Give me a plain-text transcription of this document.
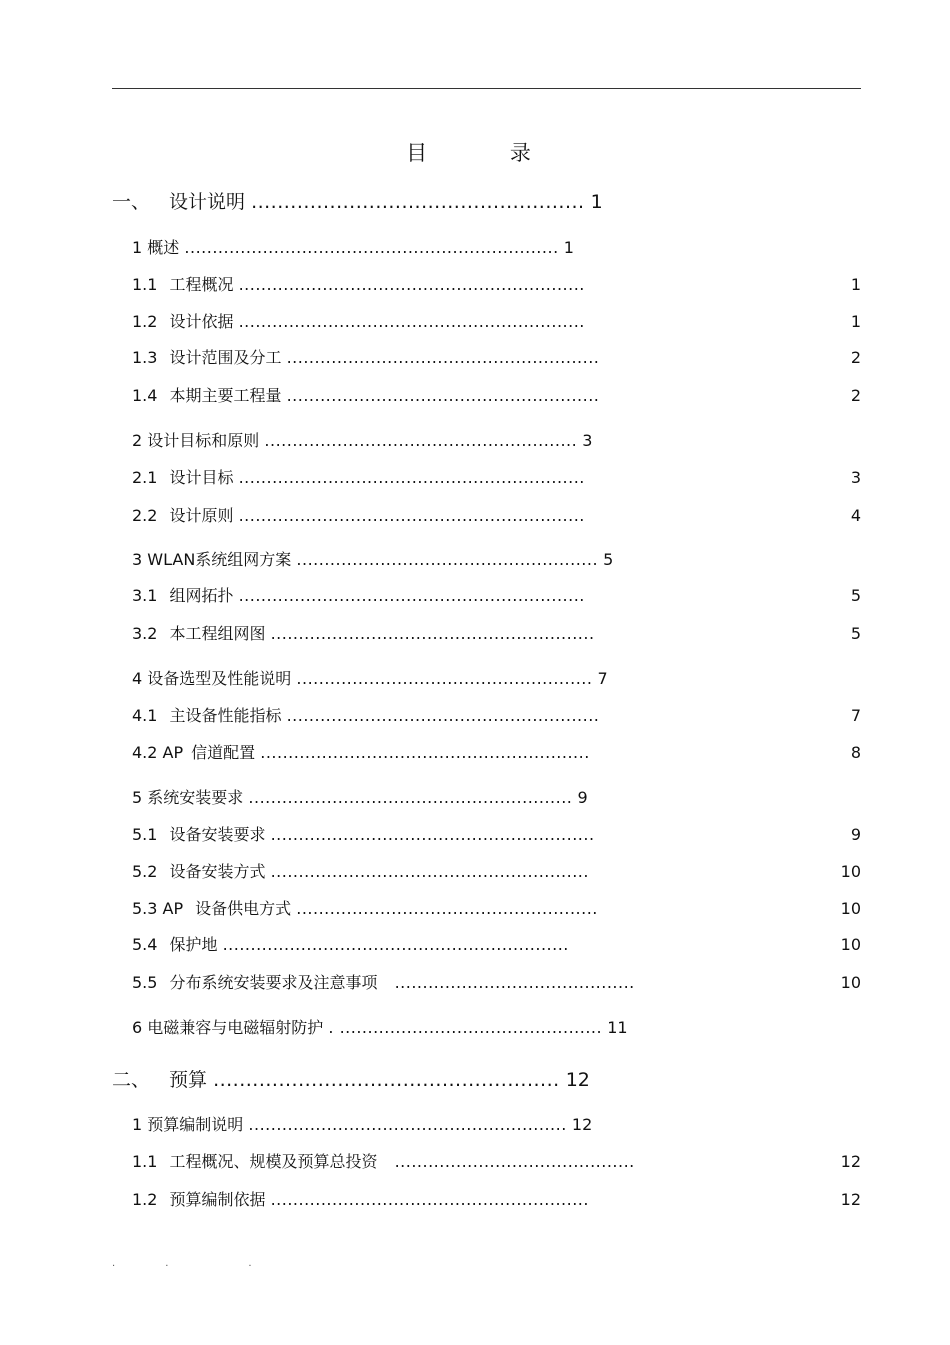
目 录
一、 设计说明 ................................................... 1
1 概述 ................................................................... 1
1.1 工程概况 ..............................................................	1
1.2 设计依据 ..............................................................	1
1.3 设计范围及分工 ........................................................	2
1.4 本期主要工程量 ........................................................	2
2 设计目标和原则 ........................................................ 3
2.1 设计目标 ..............................................................	3
2.2 设计原则 ..............................................................	4
3 WLAN系统组网方案 ...................................................... 5
3.1 组网拓扑 ..............................................................	5
3.2 本工程组网图 ..........................................................	5
4 设备选型及性能说明 ..................................................... 7
4.1 主设备性能指标 ........................................................	7
4.2 AP 信道配置 ...........................................................	8
5 系统安装要求 .......................................................... 9
5.1 设备安装要求 ..........................................................	9
5.2 设备安装方式 .........................................................	10
5.3 AP 设备供电方式 ......................................................	10
5.4 保护地 ..............................................................	10
5.5 分布系统安装要求及注意事项 ...........................................	10
6 电磁兼容与电磁辐射防护 . ............................................... 11
二、 预算 ..................................................... 12
1 预算编制说明 ......................................................... 12
1.1 工程概况、规模及预算总投资 ...........................................	12
1.2 预算编制依据 .........................................................	12
.	.	.
